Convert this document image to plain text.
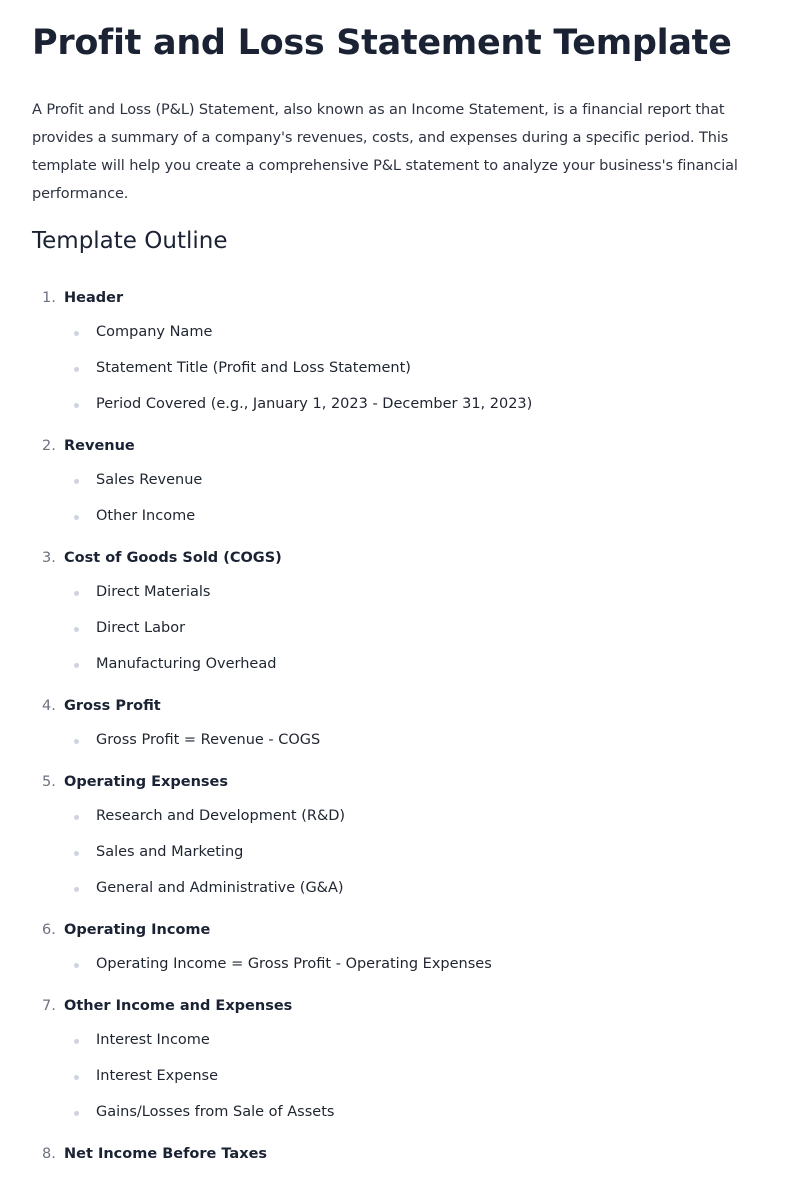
Profit and Loss Statement Template

A Profit and Loss (P&L) Statement, also known as an Income Statement, is a financial report that provides a summary of a company's revenues, costs, and expenses during a specific period. This template will help you create a comprehensive P&L statement to analyze your business's financial performance.

Template Outline
1. Header
Company Name
Statement Title (Profit and Loss Statement)
Period Covered (e.g., January 1, 2023 - December 31, 2023)
2. Revenue
Sales Revenue
Other Income
3. Cost of Goods Sold (COGS)
Direct Materials
Direct Labor
Manufacturing Overhead
4. Gross Profit
Gross Profit = Revenue - COGS
5. Operating Expenses
Research and Development (R&D)
Sales and Marketing
General and Administrative (G&A)
6. Operating Income
Operating Income = Gross Profit - Operating Expenses
7. Other Income and Expenses
Interest Income
Interest Expense
Gains/Losses from Sale of Assets
8. Net Income Before Taxes
